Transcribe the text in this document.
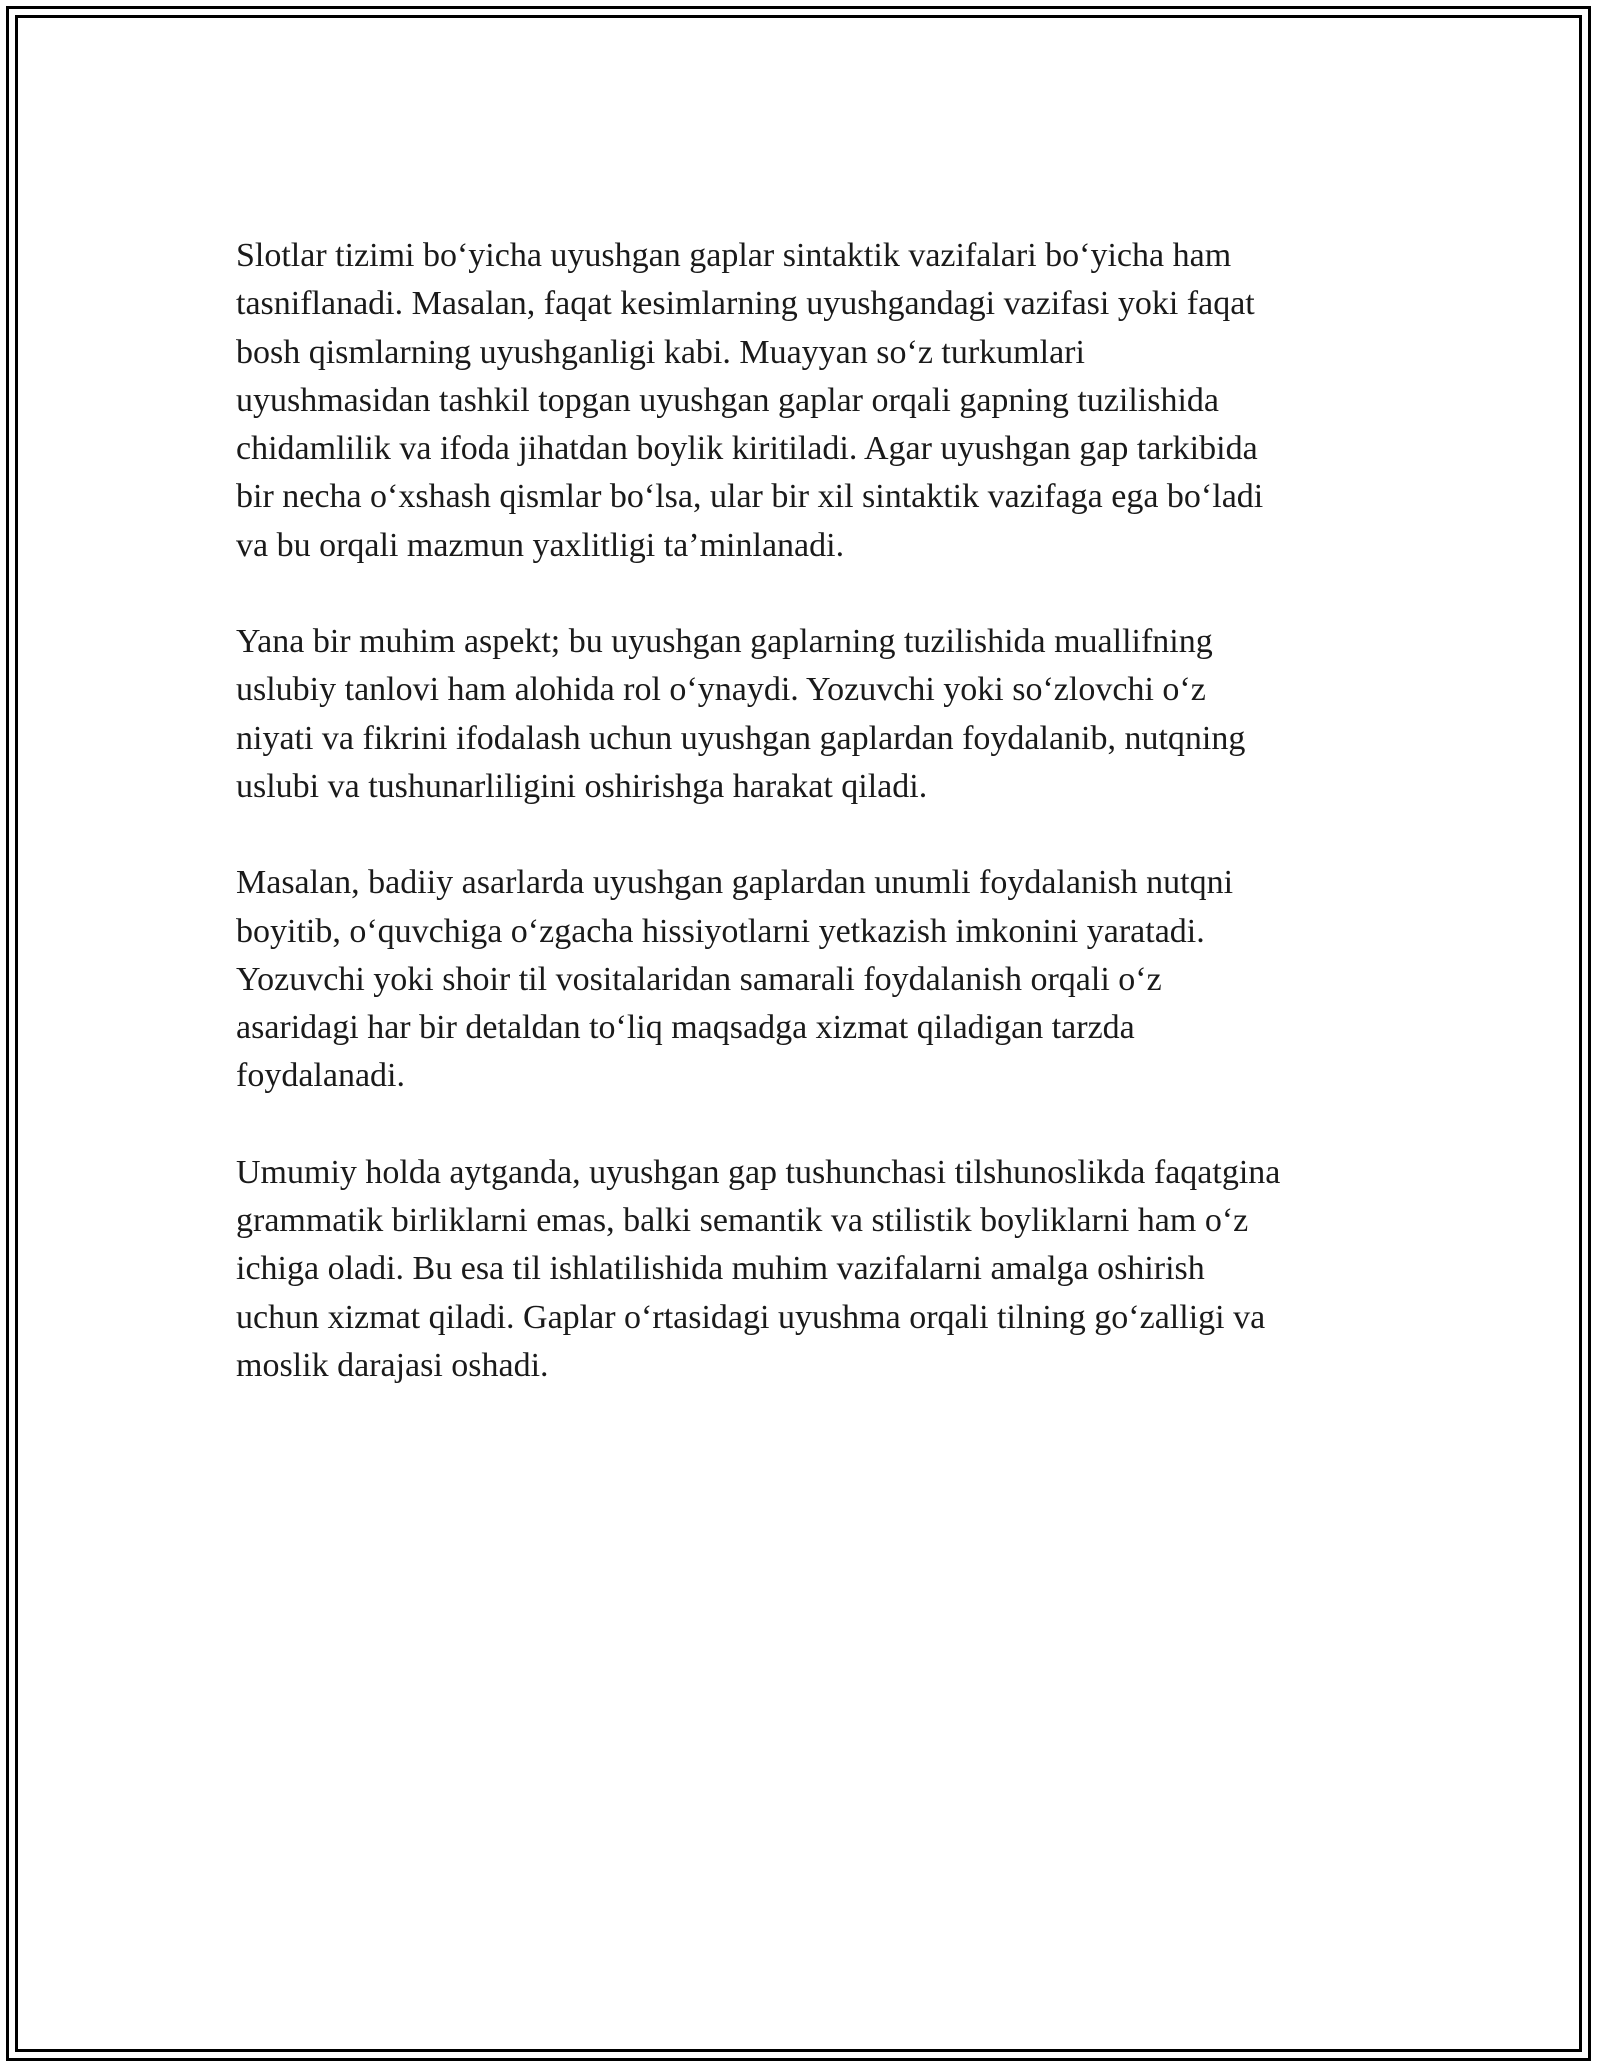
Slotlar tizimi bo‘yicha uyushgan gaplar sintaktik vazifalari bo‘yicha ham
tasniflanadi. Masalan, faqat kesimlarning uyushgandagi vazifasi yoki faqat
bosh qismlarning uyushganligi kabi. Muayyan so‘z turkumlari
uyushmasidan tashkil topgan uyushgan gaplar orqali gapning tuzilishida
chidamlilik va ifoda jihatdan boylik kiritiladi. Agar uyushgan gap tarkibida
bir necha o‘xshash qismlar bo‘lsa, ular bir xil sintaktik vazifaga ega bo‘ladi
va bu orqali mazmun yaxlitligi ta’minlanadi.

Yana bir muhim aspekt; bu uyushgan gaplarning tuzilishida muallifning
uslubiy tanlovi ham alohida rol o‘ynaydi. Yozuvchi yoki so‘zlovchi o‘z
niyati va fikrini ifodalash uchun uyushgan gaplardan foydalanib, nutqning
uslubi va tushunarliligini oshirishga harakat qiladi.

Masalan, badiiy asarlarda uyushgan gaplardan unumli foydalanish nutqni
boyitib, o‘quvchiga o‘zgacha hissiyotlarni yetkazish imkonini yaratadi.
Yozuvchi yoki shoir til vositalaridan samarali foydalanish orqali o‘z
asaridagi har bir detaldan to‘liq maqsadga xizmat qiladigan tarzda
foydalanadi.

Umumiy holda aytganda, uyushgan gap tushunchasi tilshunoslikda faqatgina
grammatik birliklarni emas, balki semantik va stilistik boyliklarni ham o‘z
ichiga oladi. Bu esa til ishlatilishida muhim vazifalarni amalga oshirish
uchun xizmat qiladi. Gaplar o‘rtasidagi uyushma orqali tilning go‘zalligi va
moslik darajasi oshadi.
